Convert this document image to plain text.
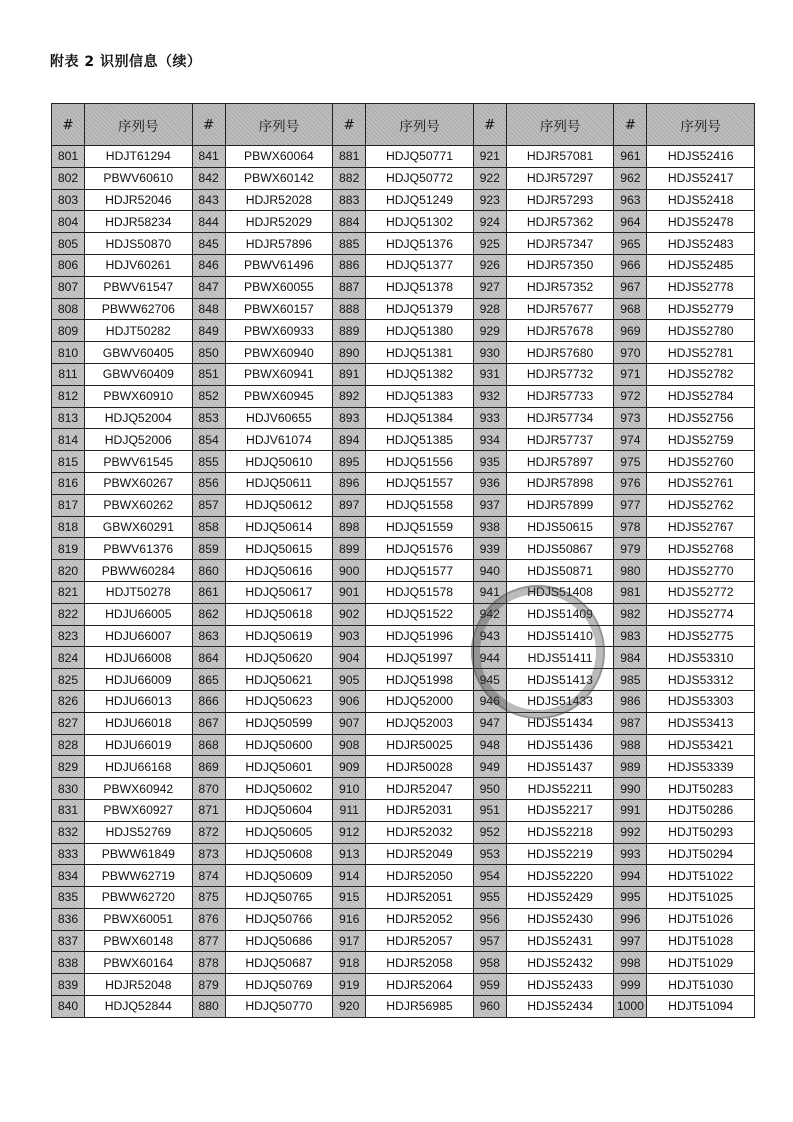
附表 2 识别信息（续）
#	序列号	#	序列号	#	序列号	#	序列号	#	序列号
801	HDJT61294	841	PBWX60064	881	HDJQ50771	921	HDJR57081	961	HDJS52416
802	PBWV60610	842	PBWX60142	882	HDJQ50772	922	HDJR57297	962	HDJS52417
803	HDJR52046	843	HDJR52028	883	HDJQ51249	923	HDJR57293	963	HDJS52418
804	HDJR58234	844	HDJR52029	884	HDJQ51302	924	HDJR57362	964	HDJS52478
805	HDJS50870	845	HDJR57896	885	HDJQ51376	925	HDJR57347	965	HDJS52483
806	HDJV60261	846	PBWV61496	886	HDJQ51377	926	HDJR57350	966	HDJS52485
807	PBWV61547	847	PBWX60055	887	HDJQ51378	927	HDJR57352	967	HDJS52778
808	PBWW62706	848	PBWX60157	888	HDJQ51379	928	HDJR57677	968	HDJS52779
809	HDJT50282	849	PBWX60933	889	HDJQ51380	929	HDJR57678	969	HDJS52780
810	GBWV60405	850	PBWX60940	890	HDJQ51381	930	HDJR57680	970	HDJS52781
811	GBWV60409	851	PBWX60941	891	HDJQ51382	931	HDJR57732	971	HDJS52782
812	PBWX60910	852	PBWX60945	892	HDJQ51383	932	HDJR57733	972	HDJS52784
813	HDJQ52004	853	HDJV60655	893	HDJQ51384	933	HDJR57734	973	HDJS52756
814	HDJQ52006	854	HDJV61074	894	HDJQ51385	934	HDJR57737	974	HDJS52759
815	PBWV61545	855	HDJQ50610	895	HDJQ51556	935	HDJR57897	975	HDJS52760
816	PBWX60267	856	HDJQ50611	896	HDJQ51557	936	HDJR57898	976	HDJS52761
817	PBWX60262	857	HDJQ50612	897	HDJQ51558	937	HDJR57899	977	HDJS52762
818	GBWX60291	858	HDJQ50614	898	HDJQ51559	938	HDJS50615	978	HDJS52767
819	PBWV61376	859	HDJQ50615	899	HDJQ51576	939	HDJS50867	979	HDJS52768
820	PBWW60284	860	HDJQ50616	900	HDJQ51577	940	HDJS50871	980	HDJS52770
821	HDJT50278	861	HDJQ50617	901	HDJQ51578	941	HDJS51408	981	HDJS52772
822	HDJU66005	862	HDJQ50618	902	HDJQ51522	942	HDJS51409	982	HDJS52774
823	HDJU66007	863	HDJQ50619	903	HDJQ51996	943	HDJS51410	983	HDJS52775
824	HDJU66008	864	HDJQ50620	904	HDJQ51997	944	HDJS51411	984	HDJS53310
825	HDJU66009	865	HDJQ50621	905	HDJQ51998	945	HDJS51413	985	HDJS53312
826	HDJU66013	866	HDJQ50623	906	HDJQ52000	946	HDJS51433	986	HDJS53303
827	HDJU66018	867	HDJQ50599	907	HDJQ52003	947	HDJS51434	987	HDJS53413
828	HDJU66019	868	HDJQ50600	908	HDJR50025	948	HDJS51436	988	HDJS53421
829	HDJU66168	869	HDJQ50601	909	HDJR50028	949	HDJS51437	989	HDJS53339
830	PBWX60942	870	HDJQ50602	910	HDJR52047	950	HDJS52211	990	HDJT50283
831	PBWX60927	871	HDJQ50604	911	HDJR52031	951	HDJS52217	991	HDJT50286
832	HDJS52769	872	HDJQ50605	912	HDJR52032	952	HDJS52218	992	HDJT50293
833	PBWW61849	873	HDJQ50608	913	HDJR52049	953	HDJS52219	993	HDJT50294
834	PBWW62719	874	HDJQ50609	914	HDJR52050	954	HDJS52220	994	HDJT51022
835	PBWW62720	875	HDJQ50765	915	HDJR52051	955	HDJS52429	995	HDJT51025
836	PBWX60051	876	HDJQ50766	916	HDJR52052	956	HDJS52430	996	HDJT51026
837	PBWX60148	877	HDJQ50686	917	HDJR52057	957	HDJS52431	997	HDJT51028
838	PBWX60164	878	HDJQ50687	918	HDJR52058	958	HDJS52432	998	HDJT51029
839	HDJR52048	879	HDJQ50769	919	HDJR52064	959	HDJS52433	999	HDJT51030
840	HDJQ52844	880	HDJQ50770	920	HDJR56985	960	HDJS52434	1000	HDJT51094
